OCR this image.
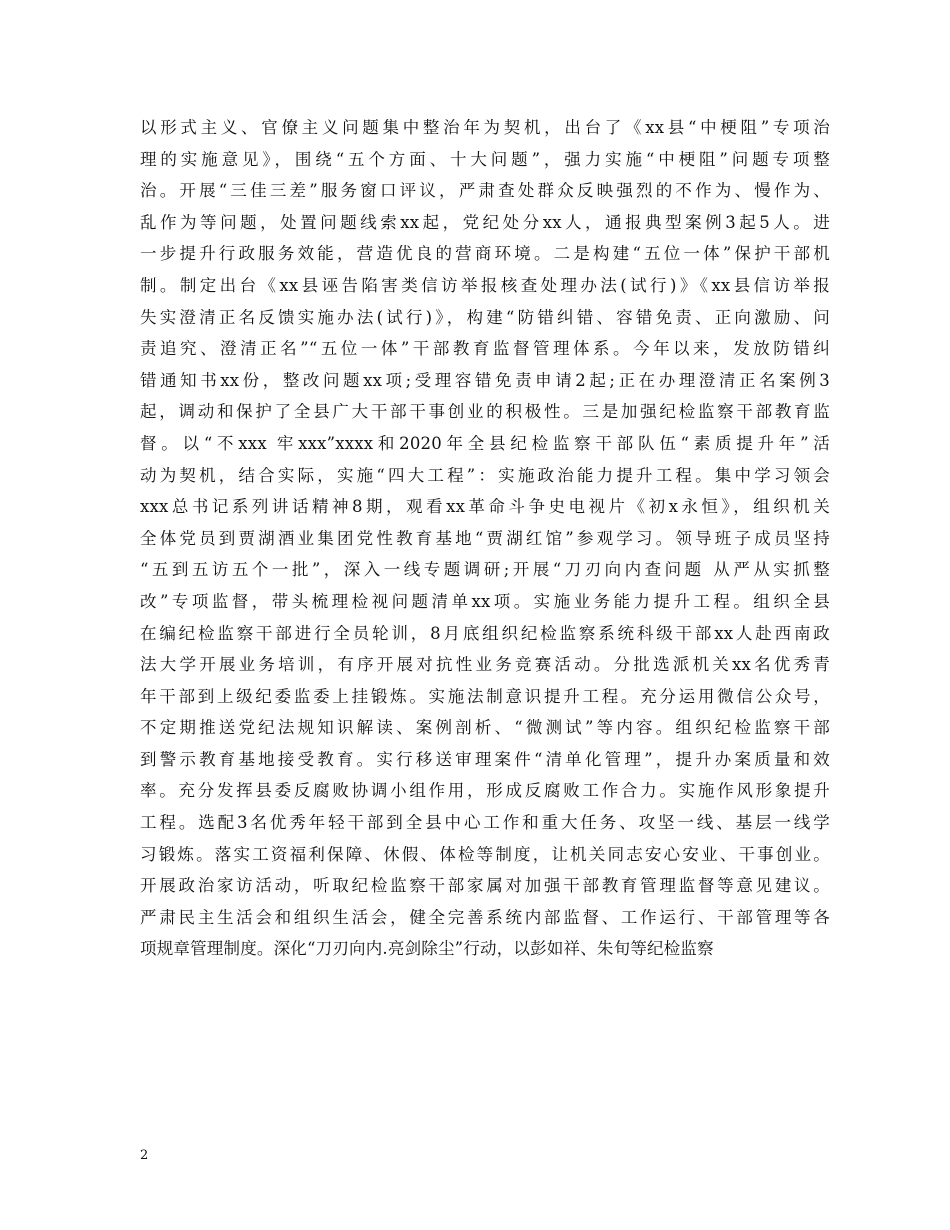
以形式主义、官僚主义问题集中整治年为契机，出台了《xx县“中梗阻”专项治
理的实施意见》，围绕“五个方面、十大问题”，强力实施“中梗阻”问题专项整
治。开展“三佳三差”服务窗口评议，严肃查处群众反映强烈的不作为、慢作为、
乱作为等问题，处置问题线索xx起，党纪处分xx人，通报典型案例3起5人。进
一步提升行政服务效能，营造优良的营商环境。二是构建“五位一体”保护干部机
制。制定出台《xx县诬告陷害类信访举报核查处理办法(试行)》《xx县信访举报
失实澄清正名反馈实施办法(试行)》，构建“防错纠错、容错免责、正向激励、问
责追究、澄清正名”“五位一体”干部教育监督管理体系。今年以来，发放防错纠
错通知书xx份，整改问题xx项;受理容错免责申请2起;正在办理澄清正名案例3
起，调动和保护了全县广大干部干事创业的积极性。三是加强纪检监察干部教育监
督。以“不xxx 牢xxx”xxxx和2020年全县纪检监察干部队伍“素质提升年”活
动为契机，结合实际，实施“四大工程”：实施政治能力提升工程。集中学习领会
xxx总书记系列讲话精神8期，观看xx革命斗争史电视片《初x永恒》，组织机关
全体党员到贾湖酒业集团党性教育基地“贾湖红馆”参观学习。领导班子成员坚持
“五到五访五个一批”，深入一线专题调研;开展“刀刃向内查问题 从严从实抓整
改”专项监督，带头梳理检视问题清单xx项。实施业务能力提升工程。组织全县
在编纪检监察干部进行全员轮训，8月底组织纪检监察系统科级干部xx人赴西南政
法大学开展业务培训，有序开展对抗性业务竞赛活动。分批选派机关xx名优秀青
年干部到上级纪委监委上挂锻炼。实施法制意识提升工程。充分运用微信公众号，
不定期推送党纪法规知识解读、案例剖析、“微测试”等内容。组织纪检监察干部
到警示教育基地接受教育。实行移送审理案件“清单化管理”，提升办案质量和效
率。充分发挥县委反腐败协调小组作用，形成反腐败工作合力。实施作风形象提升
工程。选配3名优秀年轻干部到全县中心工作和重大任务、攻坚一线、基层一线学
习锻炼。落实工资福利保障、休假、体检等制度，让机关同志安心安业、干事创业。
开展政治家访活动，听取纪检监察干部家属对加强干部教育管理监督等意见建议。
严肃民主生活会和组织生活会，健全完善系统内部监督、工作运行、干部管理等各
项规章管理制度。深化“刀刃向内.亮剑除尘”行动，以彭如祥、朱旬等纪检监察
2
